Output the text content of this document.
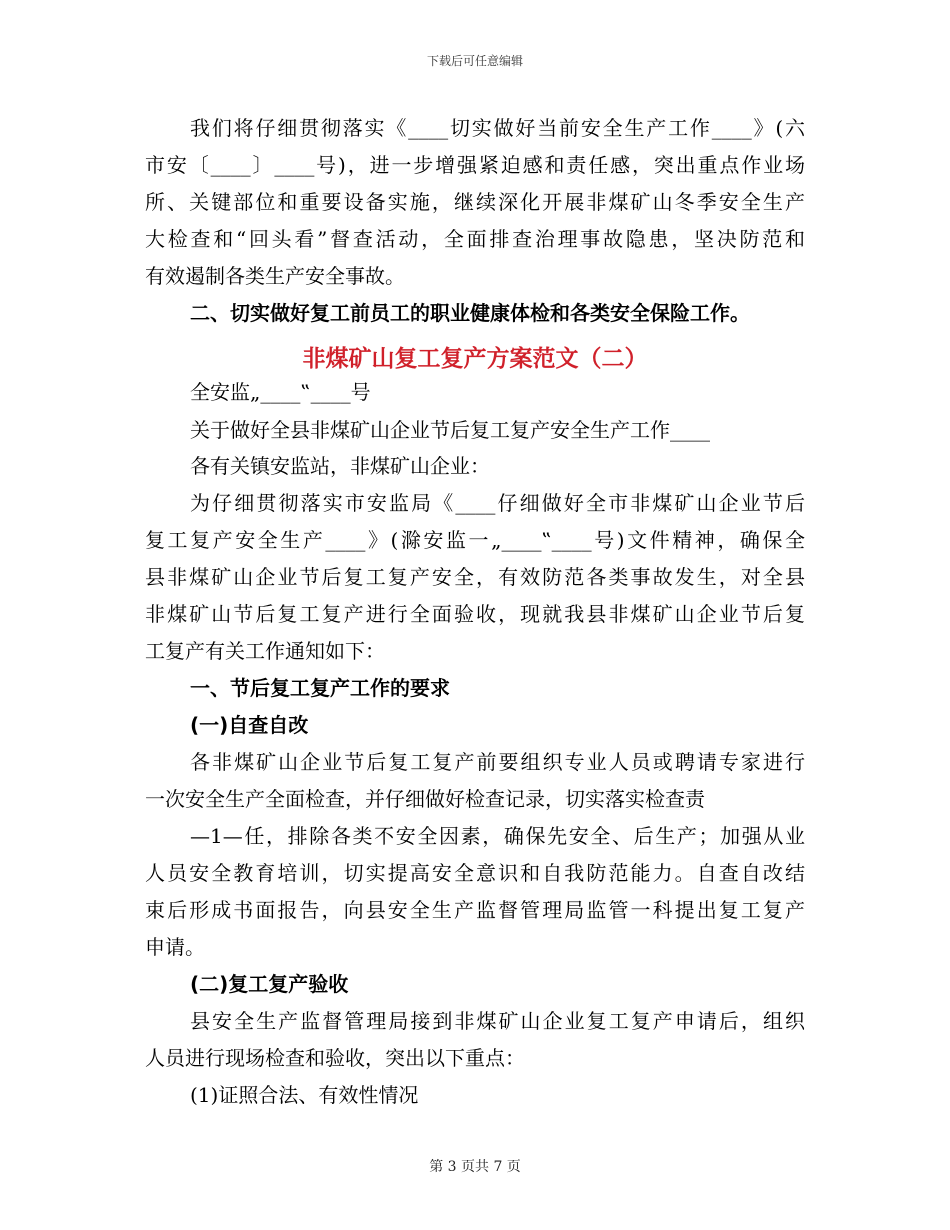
下载后可任意编辑
我们将仔细贯彻落实《____切实做好当前安全生产工作____》(六
市安〔____〕____号)，进一步增强紧迫感和责任感，突出重点作业场
所、关键部位和重要设备实施，继续深化开展非煤矿山冬季安全生产
大检查和“回头看”督查活动，全面排查治理事故隐患，坚决防范和
有效遏制各类生产安全事故。
二、切实做好复工前员工的职业健康体检和各类安全保险工作。
非煤矿山复工复产方案范文（二）
全安监„____‟____号
关于做好全县非煤矿山企业节后复工复产安全生产工作____
各有关镇安监站，非煤矿山企业：
为仔细贯彻落实市安监局《____仔细做好全市非煤矿山企业节后
复工复产安全生产____》(滁安监一„____‟____号)文件精神，确保全
县非煤矿山企业节后复工复产安全，有效防范各类事故发生，对全县
非煤矿山节后复工复产进行全面验收，现就我县非煤矿山企业节后复
工复产有关工作通知如下：
一、节后复工复产工作的要求
(一)自查自改
各非煤矿山企业节后复工复产前要组织专业人员或聘请专家进行
一次安全生产全面检查，并仔细做好检查记录，切实落实检查责
—1—任，排除各类不安全因素，确保先安全、后生产；加强从业
人员安全教育培训，切实提高安全意识和自我防范能力。自查自改结
束后形成书面报告，向县安全生产监督管理局监管一科提出复工复产
申请。
(二)复工复产验收
县安全生产监督管理局接到非煤矿山企业复工复产申请后，组织
人员进行现场检查和验收，突出以下重点：
(1)证照合法、有效性情况
第 3 页共 7 页
